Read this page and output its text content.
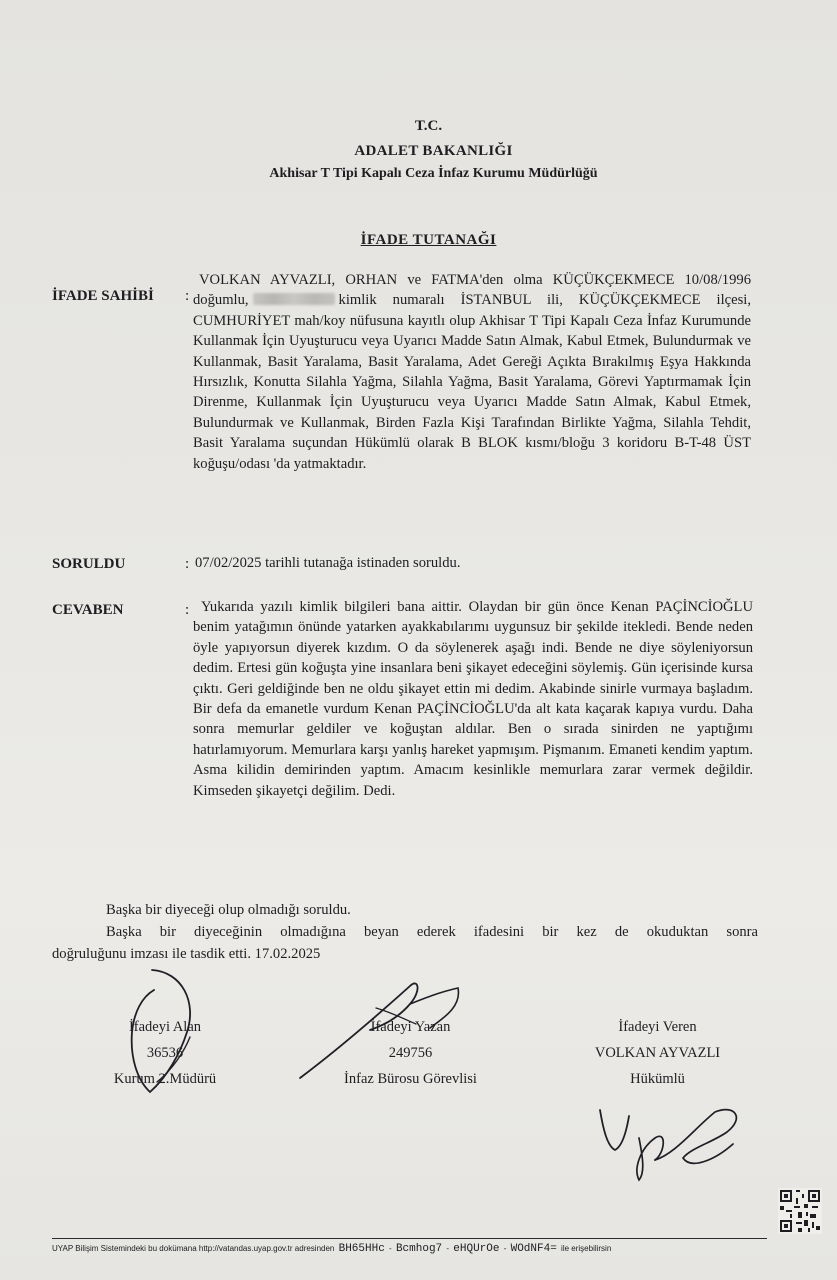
T.C.
ADALET BAKANLIĞI
Akhisar T Tipi Kapalı Ceza İnfaz Kurumu Müdürlüğü
İFADE TUTANAĞI
İFADE SAHİBİ :
VOLKAN AYVAZLI, ORHAN ve FATMA'den olma KÜÇÜKÇEKMECE 10/08/1996 doğumlu,	kimlik numaralı İSTANBUL ili, KÜÇÜKÇEKMECE ilçesi, CUMHURİYET mah/koy nüfusuna kayıtlı olup Akhisar T Tipi Kapalı Ceza İnfaz Kurumunde Kullanmak İçin Uyuşturucu veya Uyarıcı Madde Satın Almak, Kabul Etmek, Bulundurmak ve Kullanmak, Basit Yaralama, Basit Yaralama, Adet Gereği Açıkta Bırakılmış Eşya Hakkında Hırsızlık, Konutta Silahla Yağma, Silahla Yağma, Basit Yaralama, Görevi Yaptırmamak İçin Direnme, Kullanmak İçin Uyuşturucu veya Uyarıcı Madde Satın Almak, Kabul Etmek, Bulundurmak ve Kullanmak, Birden Fazla Kişi Tarafından Birlikte Yağma, Silahla Tehdit, Basit Yaralama suçundan Hükümlü olarak B BLOK kısmı/bloğu 3 koridoru B-T-48 ÜST koğuşu/odası 'da yatmaktadır.
SORULDU	: 07/02/2025 tarihli tutanağa istinaden soruldu.
CEVABEN	: Yukarıda yazılı kimlik bilgileri bana aittir. Olaydan bir gün önce Kenan PAÇİNCİOĞLU benim yatağımın önünde yatarken ayakkabılarımı uygunsuz bir şekilde itekledi. Bende neden öyle yapıyorsun diyerek kızdım. O da söylenerek aşağı indi. Bende ne diye söyleniyorsun dedim. Ertesi gün koğuşta yine insanlara beni şikayet edeceğini söylemiş. Gün içerisinde kursa çıktı. Geri geldiğinde ben ne oldu şikayet ettin mi dedim. Akabinde sinirle vurmaya başladım. Bir defa da emanetle vurdum Kenan PAÇİNCİOĞLU'da alt kata kaçarak kapıya vurdu. Daha sonra memurlar geldiler ve koğuştan aldılar. Ben o sırada sinirden ne yaptığımı hatırlamıyorum. Memurlara karşı yanlış hareket yapmışım. Pişmanım. Emaneti kendim yaptım. Asma kilidin demirinden yaptım. Amacım kesinlikle memurlara zarar vermek değildir. Kimseden şikayetçi değilim. Dedi.
Başka bir diyeceği olup olmadığı soruldu.
Başka bir diyeceğinin olmadığına beyan ederek ifadesini bir kez de okuduktan sonra
doğruluğunu imzası ile tasdik etti. 17.02.2025
İfadeyi Alan
36536
Kurum 2.Müdürü
İfadeyi Yazan
249756
İnfaz Bürosu Görevlisi
İfadeyi Veren
VOLKAN AYVAZLI
Hükümlü
UYAP Bilişim Sistemindeki bu dokümana http://vatandas.uyap.gov.tr adresinden BH65HHc - Bcmhog7 - eHQUrOe - WOdNF4= ile erişebilirsin
